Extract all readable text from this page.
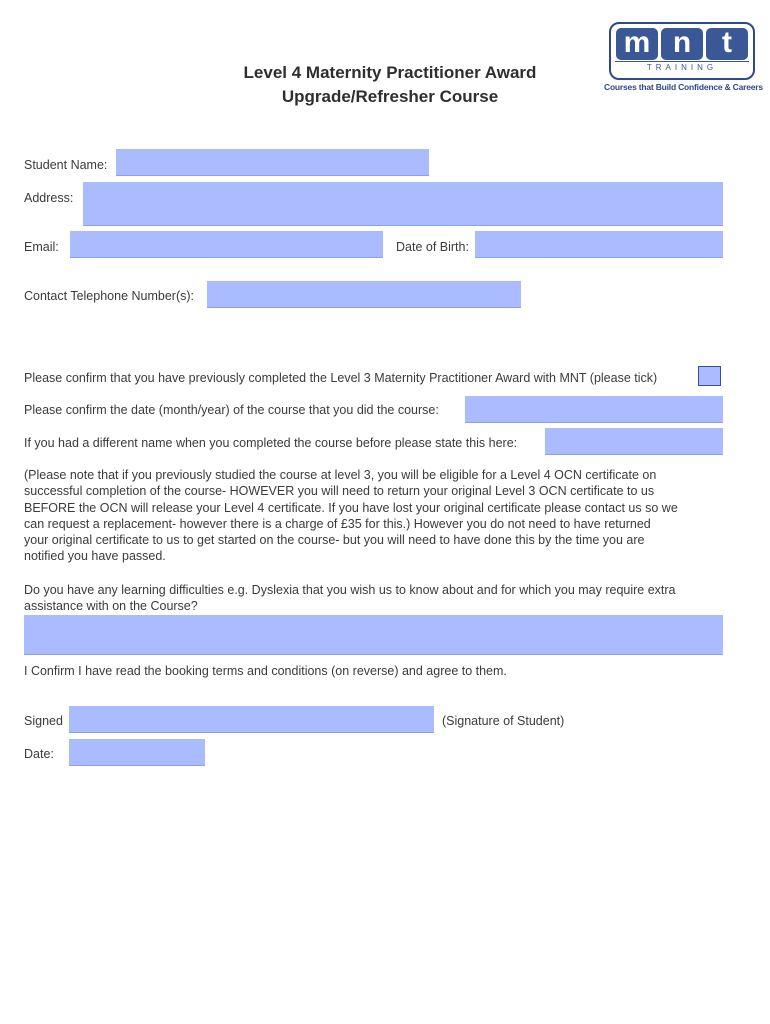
m n	t
TRAINING
Courses that Build Confidence & Careers
Level 4 Maternity Practitioner Award
Upgrade/Refresher Course
Student Name:
Address:
Email:	Date of Birth:
Contact Telephone Number(s):
Please confirm that you have previously completed the Level 3 Maternity Practitioner Award with MNT (please tick)
Please confirm the date (month/year) of the course that you did the course:
If you had a different name when you completed the course before please state this here:
(Please note that if you previously studied the course at level 3, you will be eligible for a Level 4 OCN certificate on
successful completion of the course- HOWEVER you will need to return your original Level 3 OCN certificate to us
BEFORE the OCN will release your Level 4 certificate. If you have lost your original certificate please contact us so we
can request a replacement- however there is a charge of £35 for this.) However you do not need to have returned
your original certificate to us to get started on the course- but you will need to have done this by the time you are
notified you have passed.
Do you have any learning difficulties e.g. Dyslexia that you wish us to know about and for which you may require extra
assistance with on the Course?
I Confirm I have read the booking terms and conditions (on reverse) and agree to them.
Signed	(Signature of Student)
Date:
